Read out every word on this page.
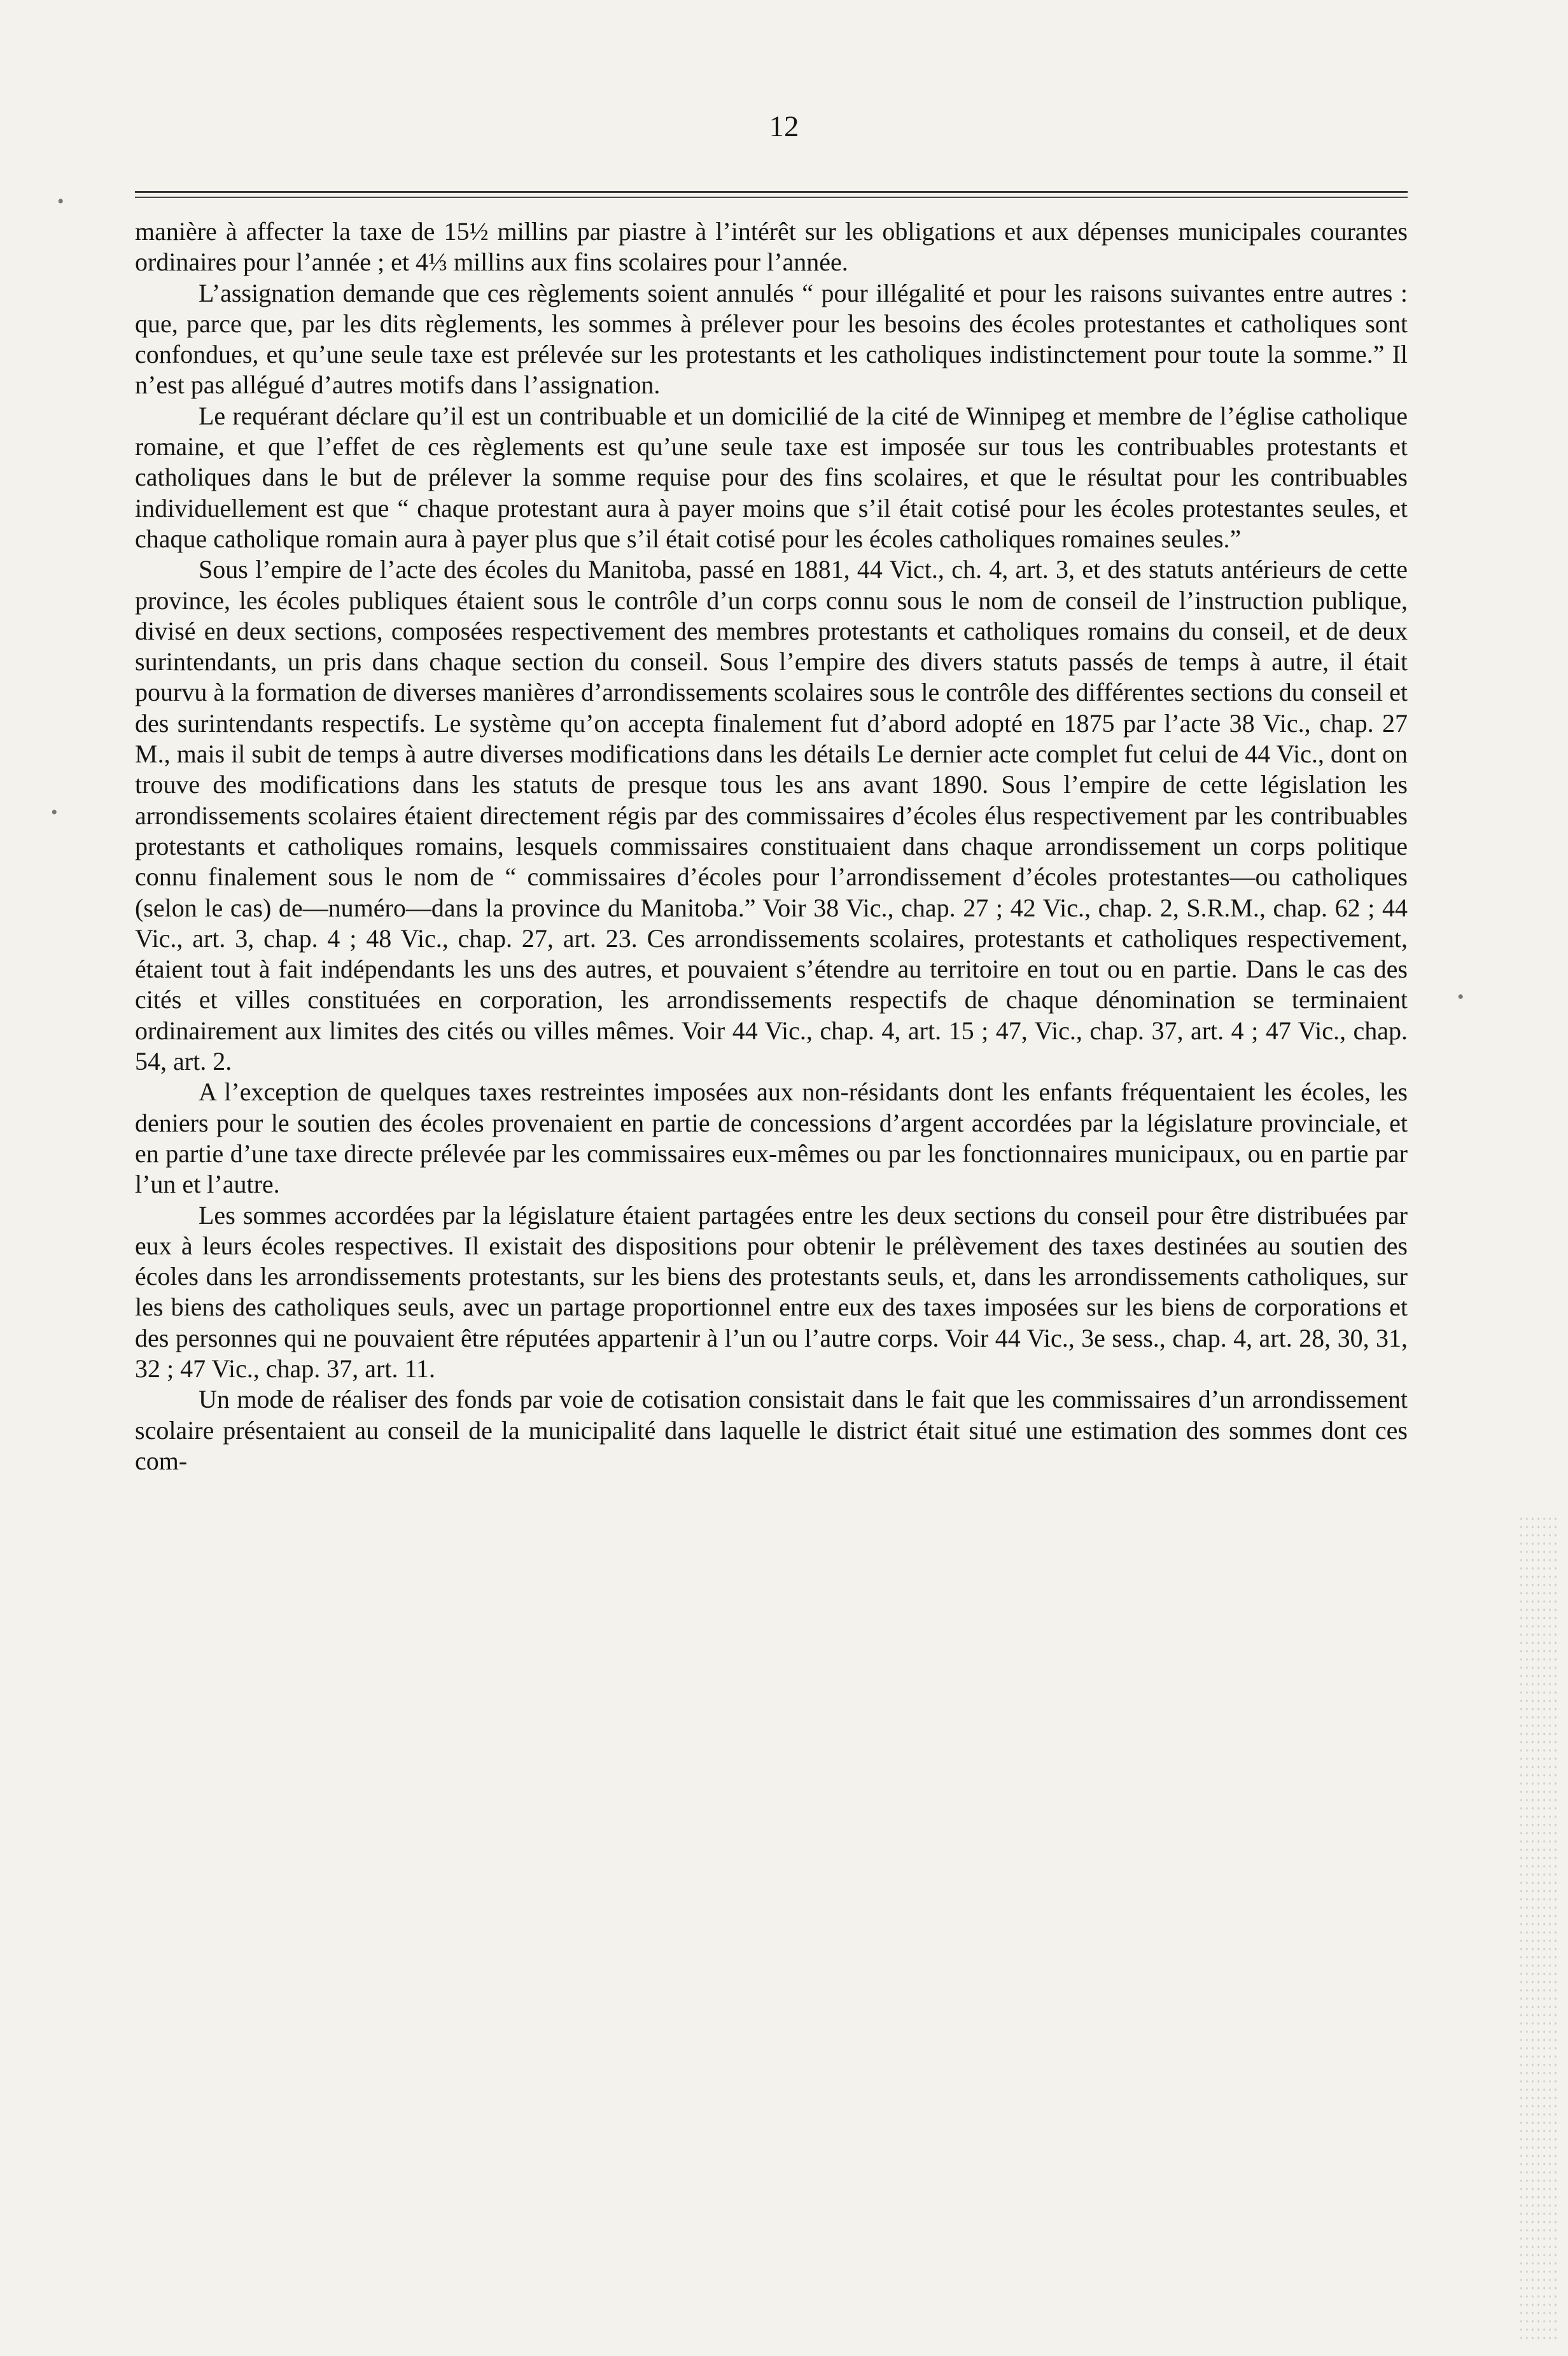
12

manière à affecter la taxe de 15½ millins par piastre à l’intérêt sur les obligations et aux dépenses municipales courantes ordinaires pour l’année ; et 4⅓ millins aux fins scolaires pour l’année.

L’assignation demande que ces règlements soient annulés “ pour illégalité et pour les raisons suivantes entre autres : que, parce que, par les dits règlements, les sommes à prélever pour les besoins des écoles protestantes et catholiques sont confondues, et qu’une seule taxe est prélevée sur les protestants et les catholiques indistinctement pour toute la somme.” Il n’est pas allégué d’autres motifs dans l’assignation.

Le requérant déclare qu’il est un contribuable et un domicilié de la cité de Winnipeg et membre de l’église catholique romaine, et que l’effet de ces règlements est qu’une seule taxe est imposée sur tous les contribuables protestants et catholiques dans le but de prélever la somme requise pour des fins scolaires, et que le résultat pour les contribuables individuellement est que “ chaque protestant aura à payer moins que s’il était cotisé pour les écoles protestantes seules, et chaque catholique romain aura à payer plus que s’il était cotisé pour les écoles catholiques romaines seules.”

Sous l’empire de l’acte des écoles du Manitoba, passé en 1881, 44 Vict., ch. 4, art. 3, et des statuts antérieurs de cette province, les écoles publiques étaient sous le contrôle d’un corps connu sous le nom de conseil de l’instruction publique, divisé en deux sections, composées respectivement des membres protestants et catholiques romains du conseil, et de deux surintendants, un pris dans chaque section du conseil. Sous l’empire des divers statuts passés de temps à autre, il était pourvu à la formation de diverses manières d’arrondissements scolaires sous le contrôle des différentes sections du conseil et des surintendants respectifs. Le système qu’on accepta finalement fut d’abord adopté en 1875 par l’acte 38 Vic., chap. 27 M., mais il subit de temps à autre diverses modifications dans les détails Le dernier acte complet fut celui de 44 Vic., dont on trouve des modifications dans les statuts de presque tous les ans avant 1890. Sous l’empire de cette législation les arrondissements scolaires étaient directement régis par des commissaires d’écoles élus respectivement par les contribuables protestants et catholiques romains, lesquels commissaires constituaient dans chaque arrondissement un corps politique connu finalement sous le nom de “ commissaires d’écoles pour l’arrondissement d’écoles protestantes—ou catholiques (selon le cas) de—numéro—dans la province du Manitoba.” Voir 38 Vic., chap. 27 ; 42 Vic., chap. 2, S.R.M., chap. 62 ; 44 Vic., art. 3, chap. 4 ; 48 Vic., chap. 27, art. 23. Ces arrondissements scolaires, protestants et catholiques respectivement, étaient tout à fait indépendants les uns des autres, et pouvaient s’étendre au territoire en tout ou en partie. Dans le cas des cités et villes constituées en corporation, les arrondissements respectifs de chaque dénomination se terminaient ordinairement aux limites des cités ou villes mêmes. Voir 44 Vic., chap. 4, art. 15 ; 47, Vic., chap. 37, art. 4 ; 47 Vic., chap. 54, art. 2.

A l’exception de quelques taxes restreintes imposées aux non-résidants dont les enfants fréquentaient les écoles, les deniers pour le soutien des écoles provenaient en partie de concessions d’argent accordées par la législature provinciale, et en partie d’une taxe directe prélevée par les commissaires eux-mêmes ou par les fonctionnaires municipaux, ou en partie par l’un et l’autre.

Les sommes accordées par la législature étaient partagées entre les deux sections du conseil pour être distribuées par eux à leurs écoles respectives. Il existait des dispositions pour obtenir le prélèvement des taxes destinées au soutien des écoles dans les arrondissements protestants, sur les biens des protestants seuls, et, dans les arrondissements catholiques, sur les biens des catholiques seuls, avec un partage proportionnel entre eux des taxes imposées sur les biens de corporations et des personnes qui ne pouvaient être réputées appartenir à l’un ou l’autre corps. Voir 44 Vic., 3e sess., chap. 4, art. 28, 30, 31, 32 ; 47 Vic., chap. 37, art. 11.

Un mode de réaliser des fonds par voie de cotisation consistait dans le fait que les commissaires d’un arrondissement scolaire présentaient au conseil de la municipalité dans laquelle le district était situé une estimation des sommes dont ces com-

•
•
•
